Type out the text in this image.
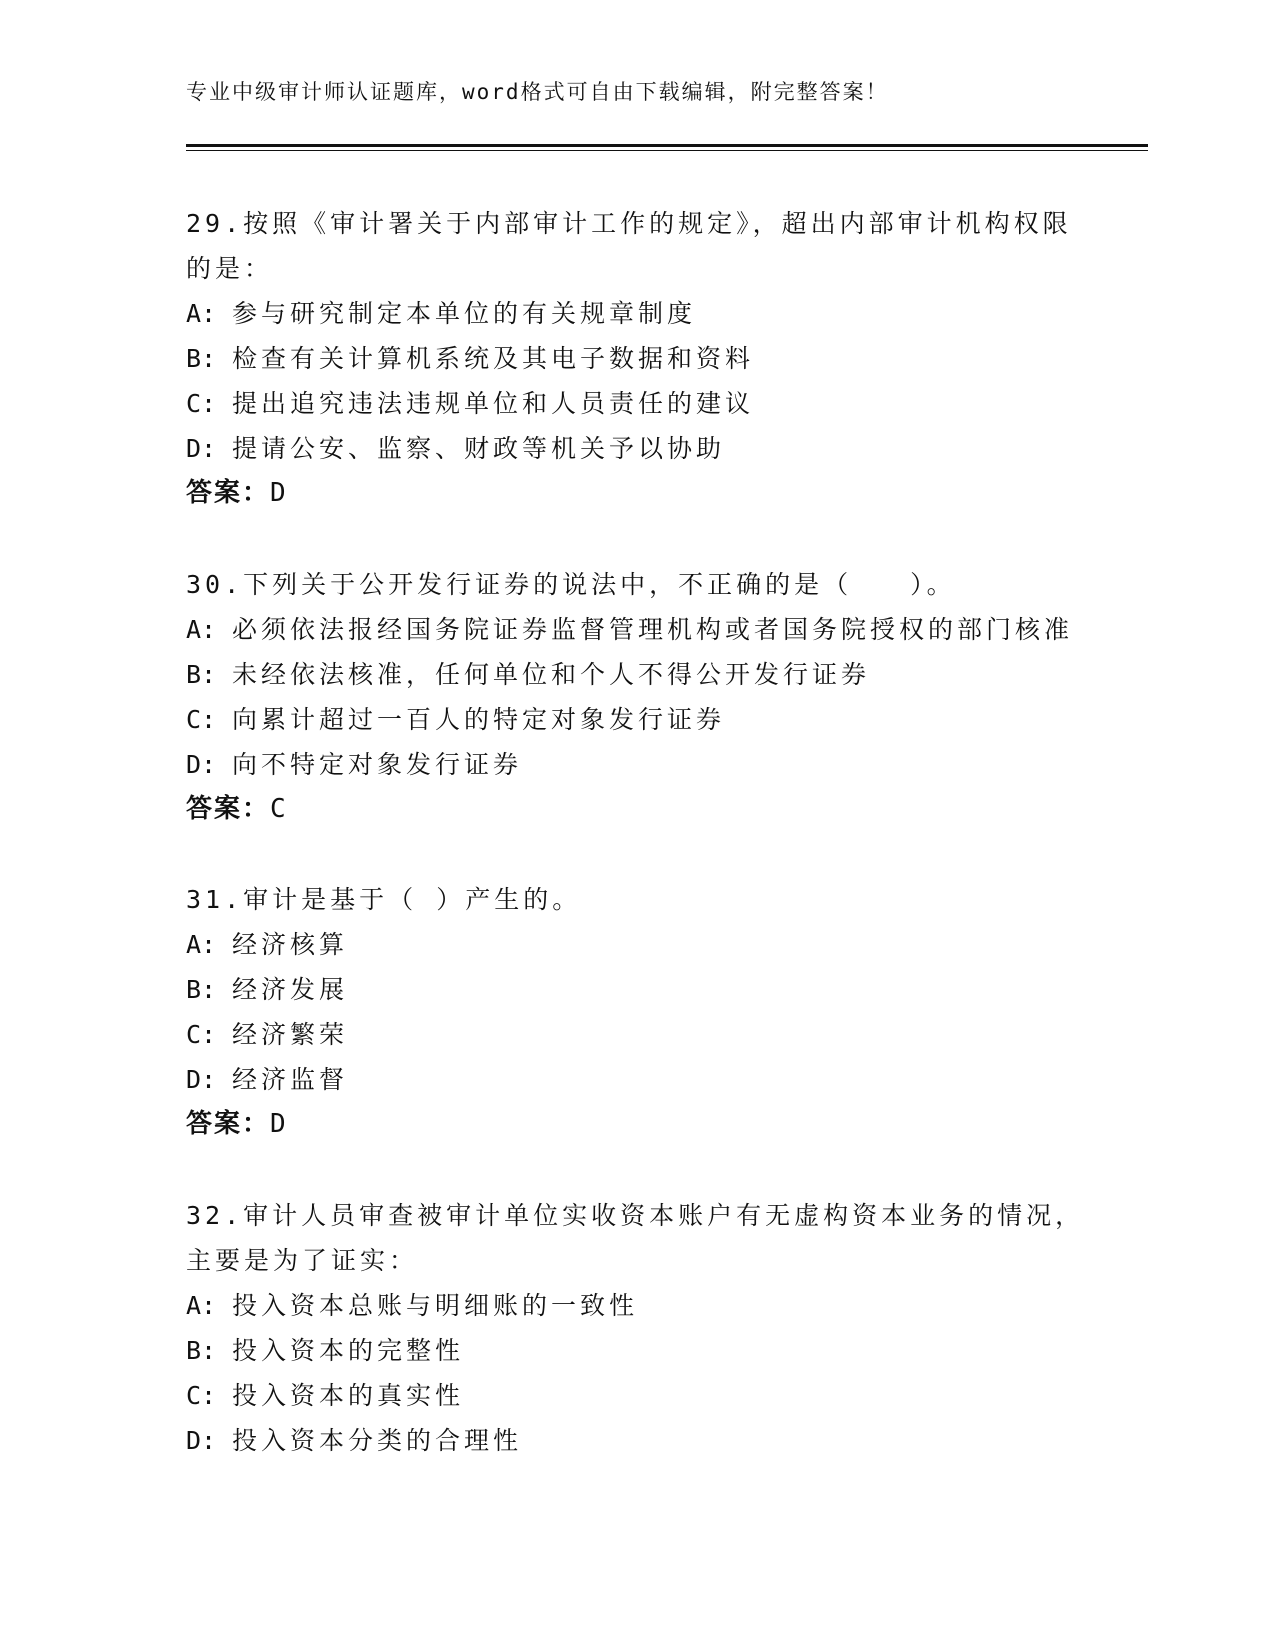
专业中级审计师认证题库，word格式可自由下载编辑，附完整答案！
29.按照《审计署关于内部审计工作的规定》，超出内部审计机构权限
的是：
A: 参与研究制定本单位的有关规章制度
B: 检查有关计算机系统及其电子数据和资料
C: 提出追究违法违规单位和人员责任的建议
D: 提请公安、监察、财政等机关予以协助
答案： D
30.下列关于公开发行证券的说法中，不正确的是（　　）。
A: 必须依法报经国务院证券监督管理机构或者国务院授权的部门核准
B: 未经依法核准，任何单位和个人不得公开发行证券
C: 向累计超过一百人的特定对象发行证券
D: 向不特定对象发行证券
答案： C
31.审计是基于（ ）产生的。
A: 经济核算
B: 经济发展
C: 经济繁荣
D: 经济监督
答案： D
32.审计人员审查被审计单位实收资本账户有无虚构资本业务的情况，
主要是为了证实：
A: 投入资本总账与明细账的一致性
B: 投入资本的完整性
C: 投入资本的真实性
D: 投入资本分类的合理性
